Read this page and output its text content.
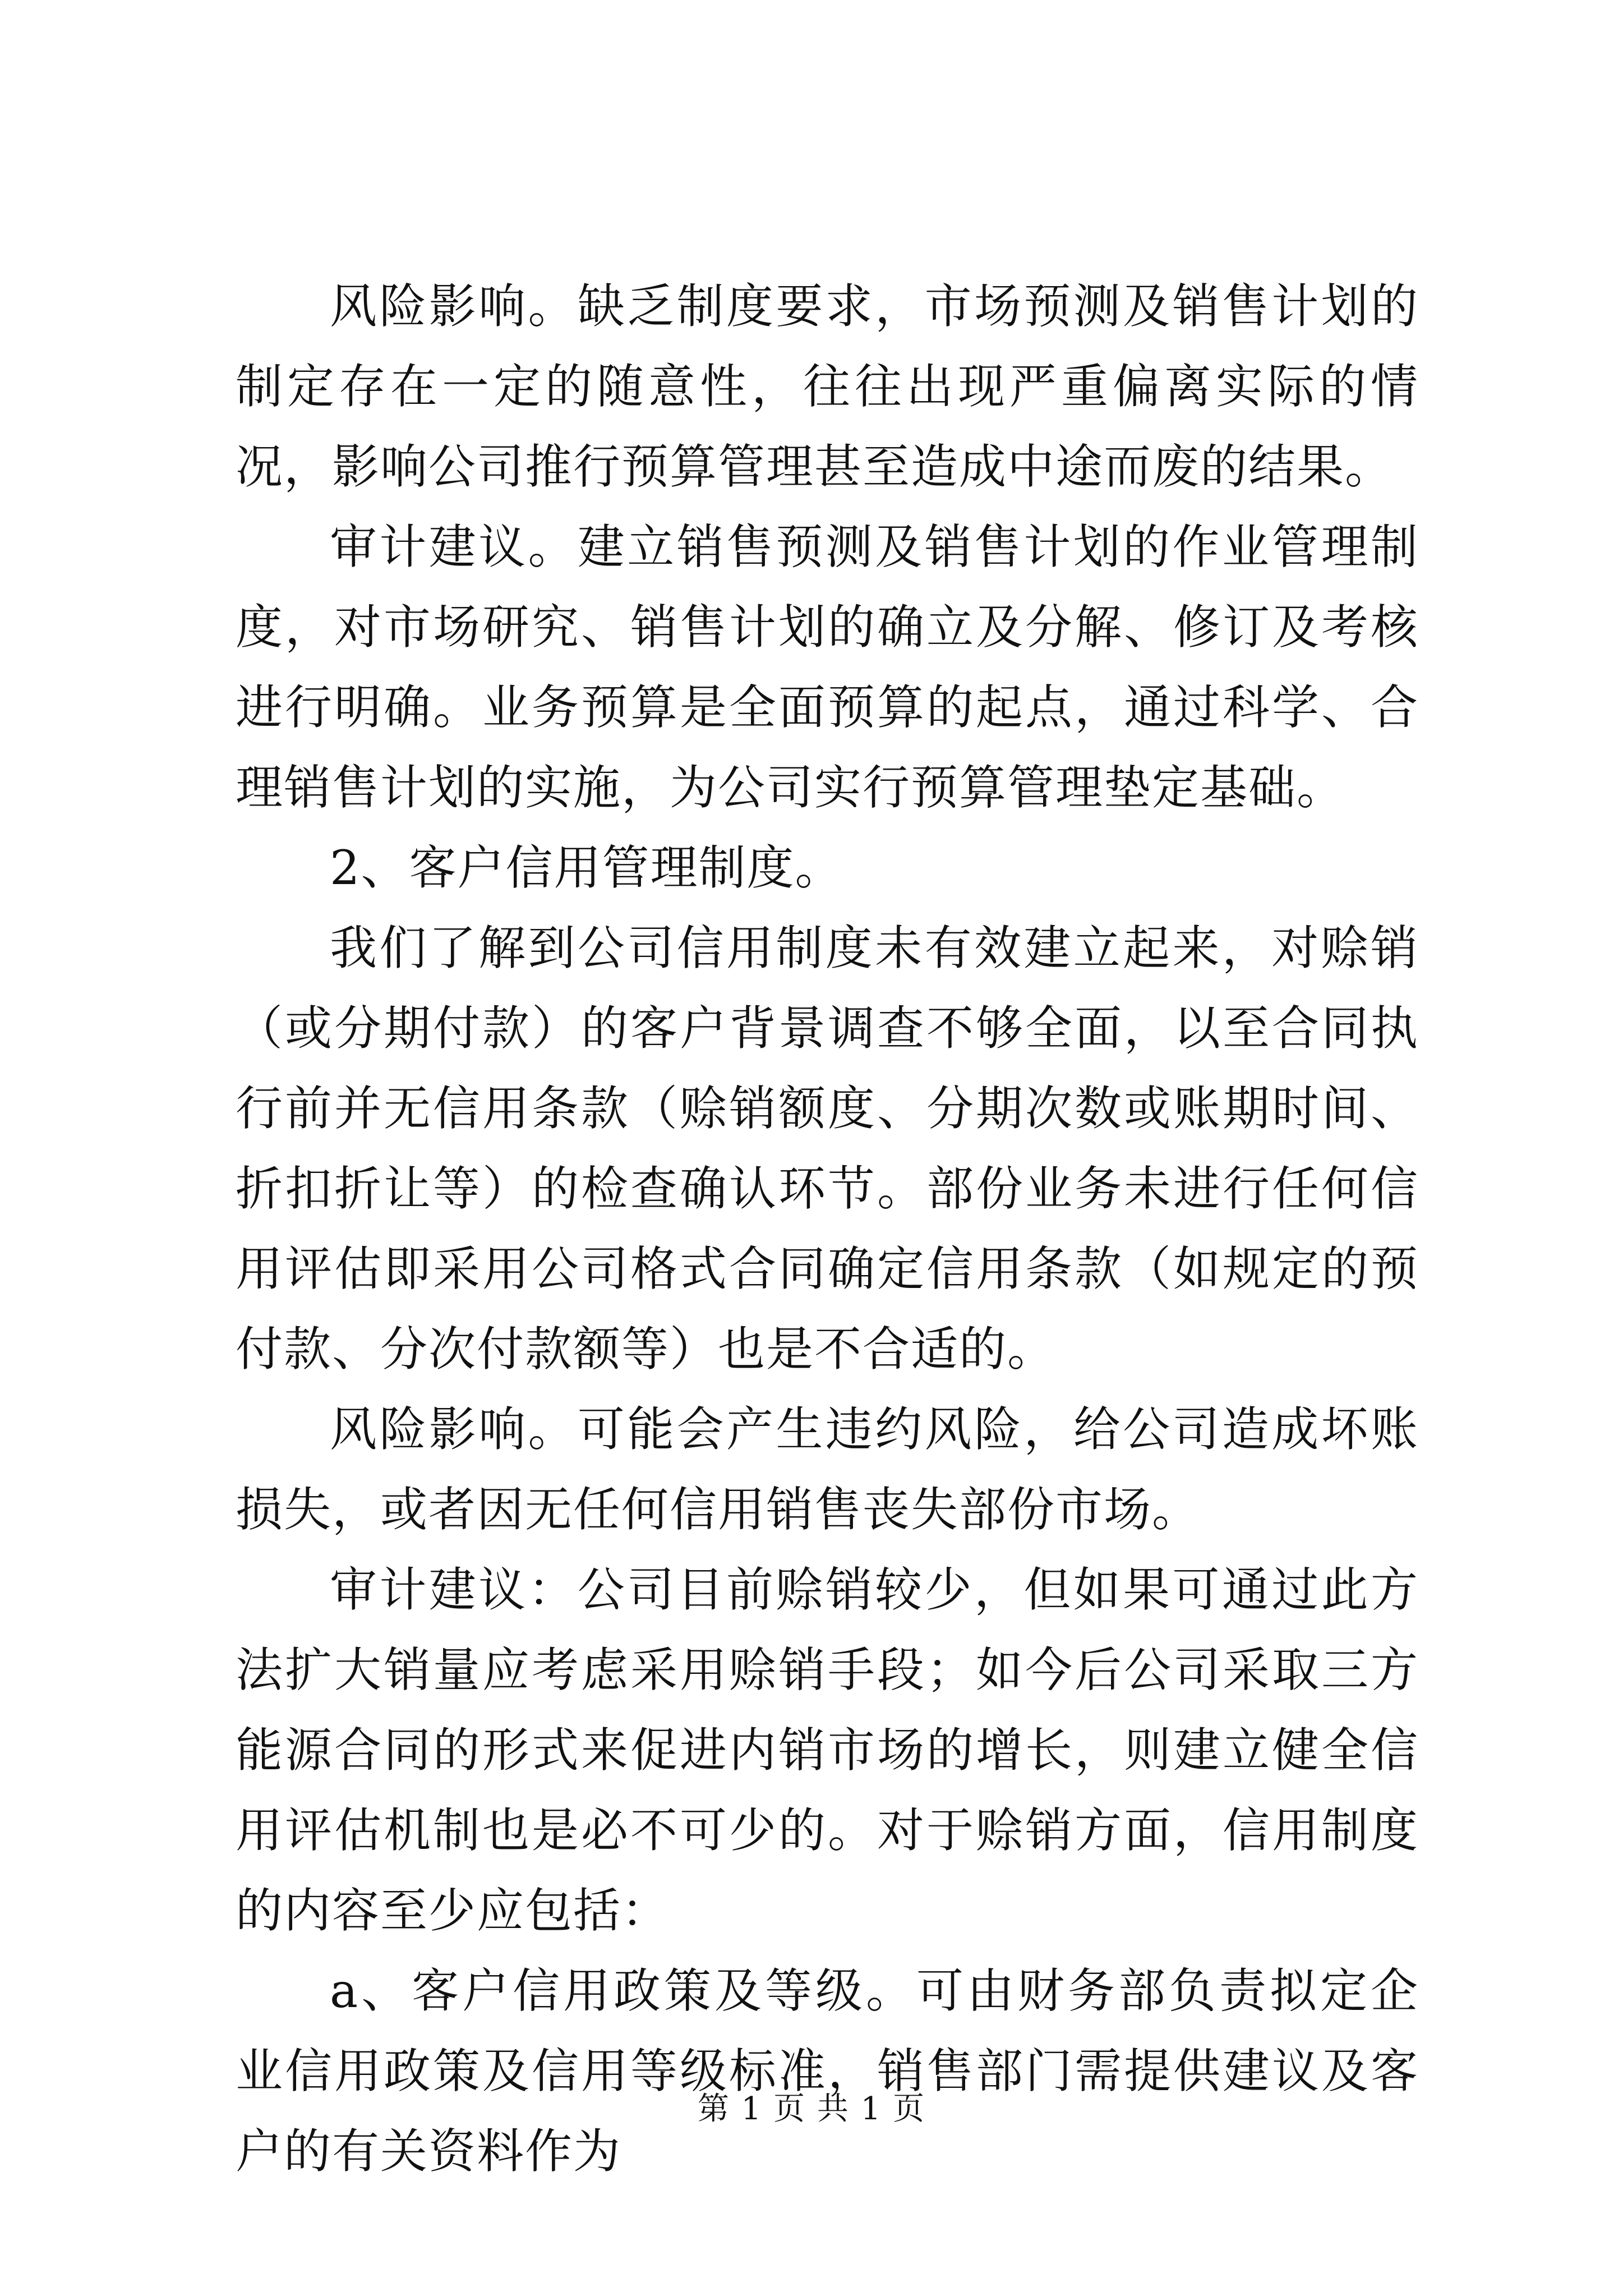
风险影响。缺乏制度要求，市场预测及销售计划的制定存在一定的随意性，往往出现严重偏离实际的情况，影响公司推行预算管理甚至造成中途而废的结果。

审计建议。建立销售预测及销售计划的作业管理制度，对市场研究、销售计划的确立及分解、修订及考核进行明确。业务预算是全面预算的起点，通过科学、合理销售计划的实施，为公司实行预算管理垫定基础。

2、客户信用管理制度。

我们了解到公司信用制度未有效建立起来，对赊销（或分期付款）的客户背景调查不够全面，以至合同执行前并无信用条款（赊销额度、分期次数或账期时间、折扣折让等）的检查确认环节。部份业务未进行任何信用评估即采用公司格式合同确定信用条款（如规定的预付款、分次付款额等）也是不合适的。

风险影响。可能会产生违约风险，给公司造成坏账损失，或者因无任何信用销售丧失部份市场。

审计建议：公司目前赊销较少，但如果可通过此方法扩大销量应考虑采用赊销手段；如今后公司采取三方能源合同的形式来促进内销市场的增长，则建立健全信用评估机制也是必不可少的。对于赊销方面，信用制度的内容至少应包括：

a、客户信用政策及等级。可由财务部负责拟定企业信用政策及信用等级标准，销售部门需提供建议及客户的有关资料作为

第 1 页 共 1 页
